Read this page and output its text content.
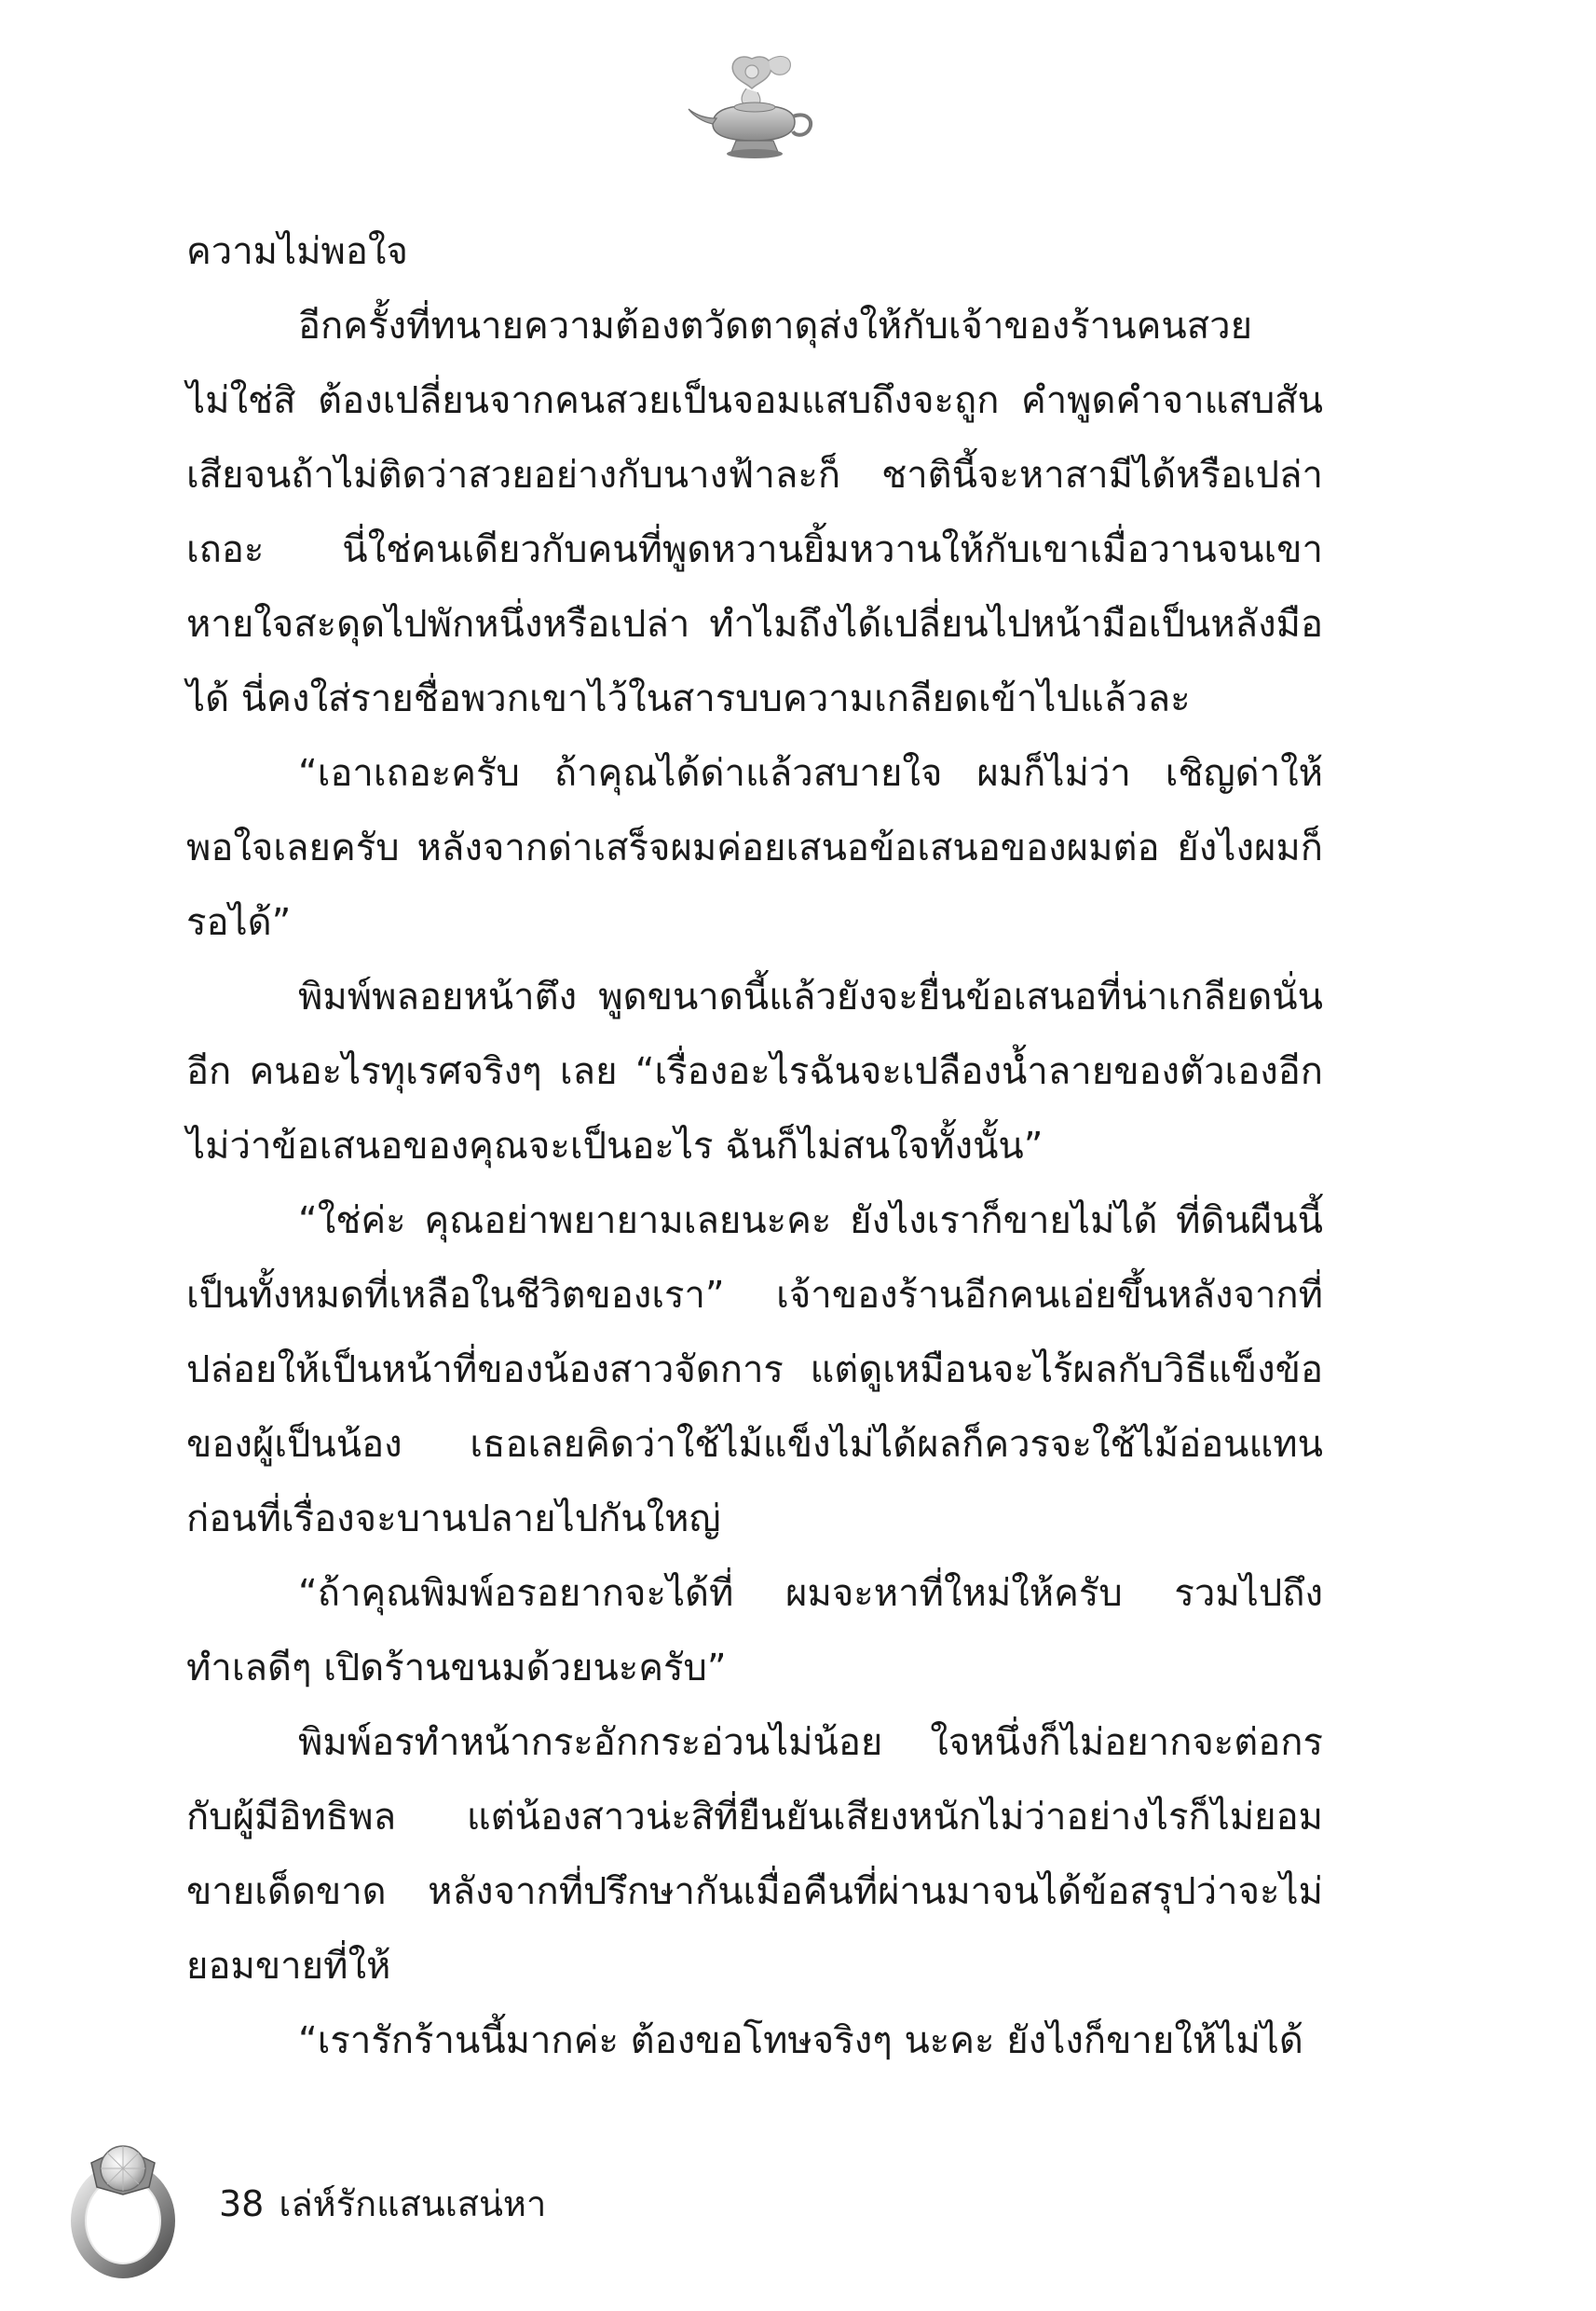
ความไม่พอใจ

อีกครั้งที่ทนายความต้องตวัดตาดุส่งให้กับเจ้าของร้านคนสวย ไม่ใช่สิ ต้องเปลี่ยนจากคนสวยเป็นจอมแสบถึงจะถูก คำพูดคำจาแสบสันเสียจนถ้าไม่ติดว่าสวยอย่างกับนางฟ้าละก็ ชาตินี้จะหาสามีได้หรือเปล่าเถอะ นี่ใช่คนเดียวกับคนที่พูดหวานยิ้มหวานให้กับเขาเมื่อวานจนเขาหายใจสะดุดไปพักหนึ่งหรือเปล่า ทำไมถึงได้เปลี่ยนไปหน้ามือเป็นหลังมือได้ นี่คงใส่รายชื่อพวกเขาไว้ในสารบบความเกลียดเข้าไปแล้วละ

“เอาเถอะครับ ถ้าคุณได้ด่าแล้วสบายใจ ผมก็ไม่ว่า เชิญด่าให้พอใจเลยครับ หลังจากด่าเสร็จผมค่อยเสนอข้อเสนอของผมต่อ ยังไงผมก็รอได้”

พิมพ์พลอยหน้าตึง พูดขนาดนี้แล้วยังจะยื่นข้อเสนอที่น่าเกลียดนั่นอีก คนอะไรทุเรศจริงๆ เลย “เรื่องอะไรฉันจะเปลืองน้ำลายของตัวเองอีก ไม่ว่าข้อเสนอของคุณจะเป็นอะไร ฉันก็ไม่สนใจทั้งนั้น”

“ใช่ค่ะ คุณอย่าพยายามเลยนะคะ ยังไงเราก็ขายไม่ได้ ที่ดินผืนนี้เป็นทั้งหมดที่เหลือในชีวิตของเรา” เจ้าของร้านอีกคนเอ่ยขึ้นหลังจากที่ปล่อยให้เป็นหน้าที่ของน้องสาวจัดการ แต่ดูเหมือนจะไร้ผลกับวิธีแข็งข้อของผู้เป็นน้อง เธอเลยคิดว่าใช้ไม้แข็งไม่ได้ผลก็ควรจะใช้ไม้อ่อนแทนก่อนที่เรื่องจะบานปลายไปกันใหญ่

“ถ้าคุณพิมพ์อรอยากจะได้ที่ ผมจะหาที่ใหม่ให้ครับ รวมไปถึงทำเลดีๆ เปิดร้านขนมด้วยนะครับ”

พิมพ์อรทำหน้ากระอักกระอ่วนไม่น้อย ใจหนึ่งก็ไม่อยากจะต่อกรกับผู้มีอิทธิพล แต่น้องสาวน่ะสิที่ยืนยันเสียงหนักไม่ว่าอย่างไรก็ไม่ยอมขายเด็ดขาด หลังจากที่ปรึกษากันเมื่อคืนที่ผ่านมาจนได้ข้อสรุปว่าจะไม่ยอมขายที่ให้

“เรารักร้านนี้มากค่ะ ต้องขอโทษจริงๆ นะคะ ยังไงก็ขายให้ไม่ได้

38 เล่ห์รักแสนเสน่หา
